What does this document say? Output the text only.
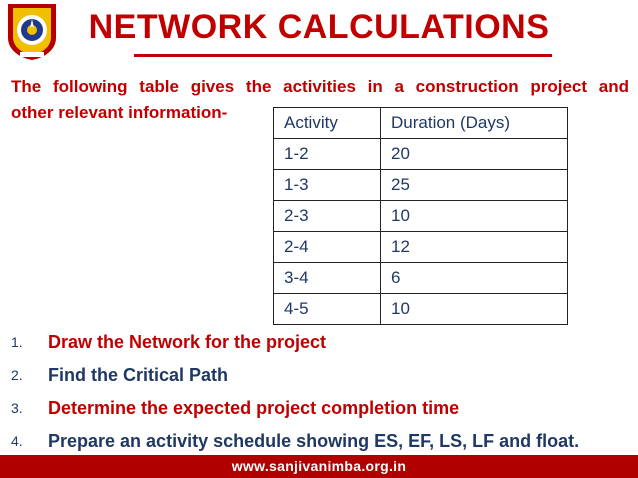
NETWORK CALCULATIONS
The following table gives the activities in a construction project and
other relevant information-
Activity	Duration (Days)
1-2	20
1-3	25
2-3	10
2-4	12
3-4	6
4-5	10
1.	Draw the Network for the project
2.	Find the Critical Path
3.	Determine the expected project completion time
4.	Prepare an activity schedule showing ES, EF, LS, LF and float.
www.sanjivanimba.org.in
